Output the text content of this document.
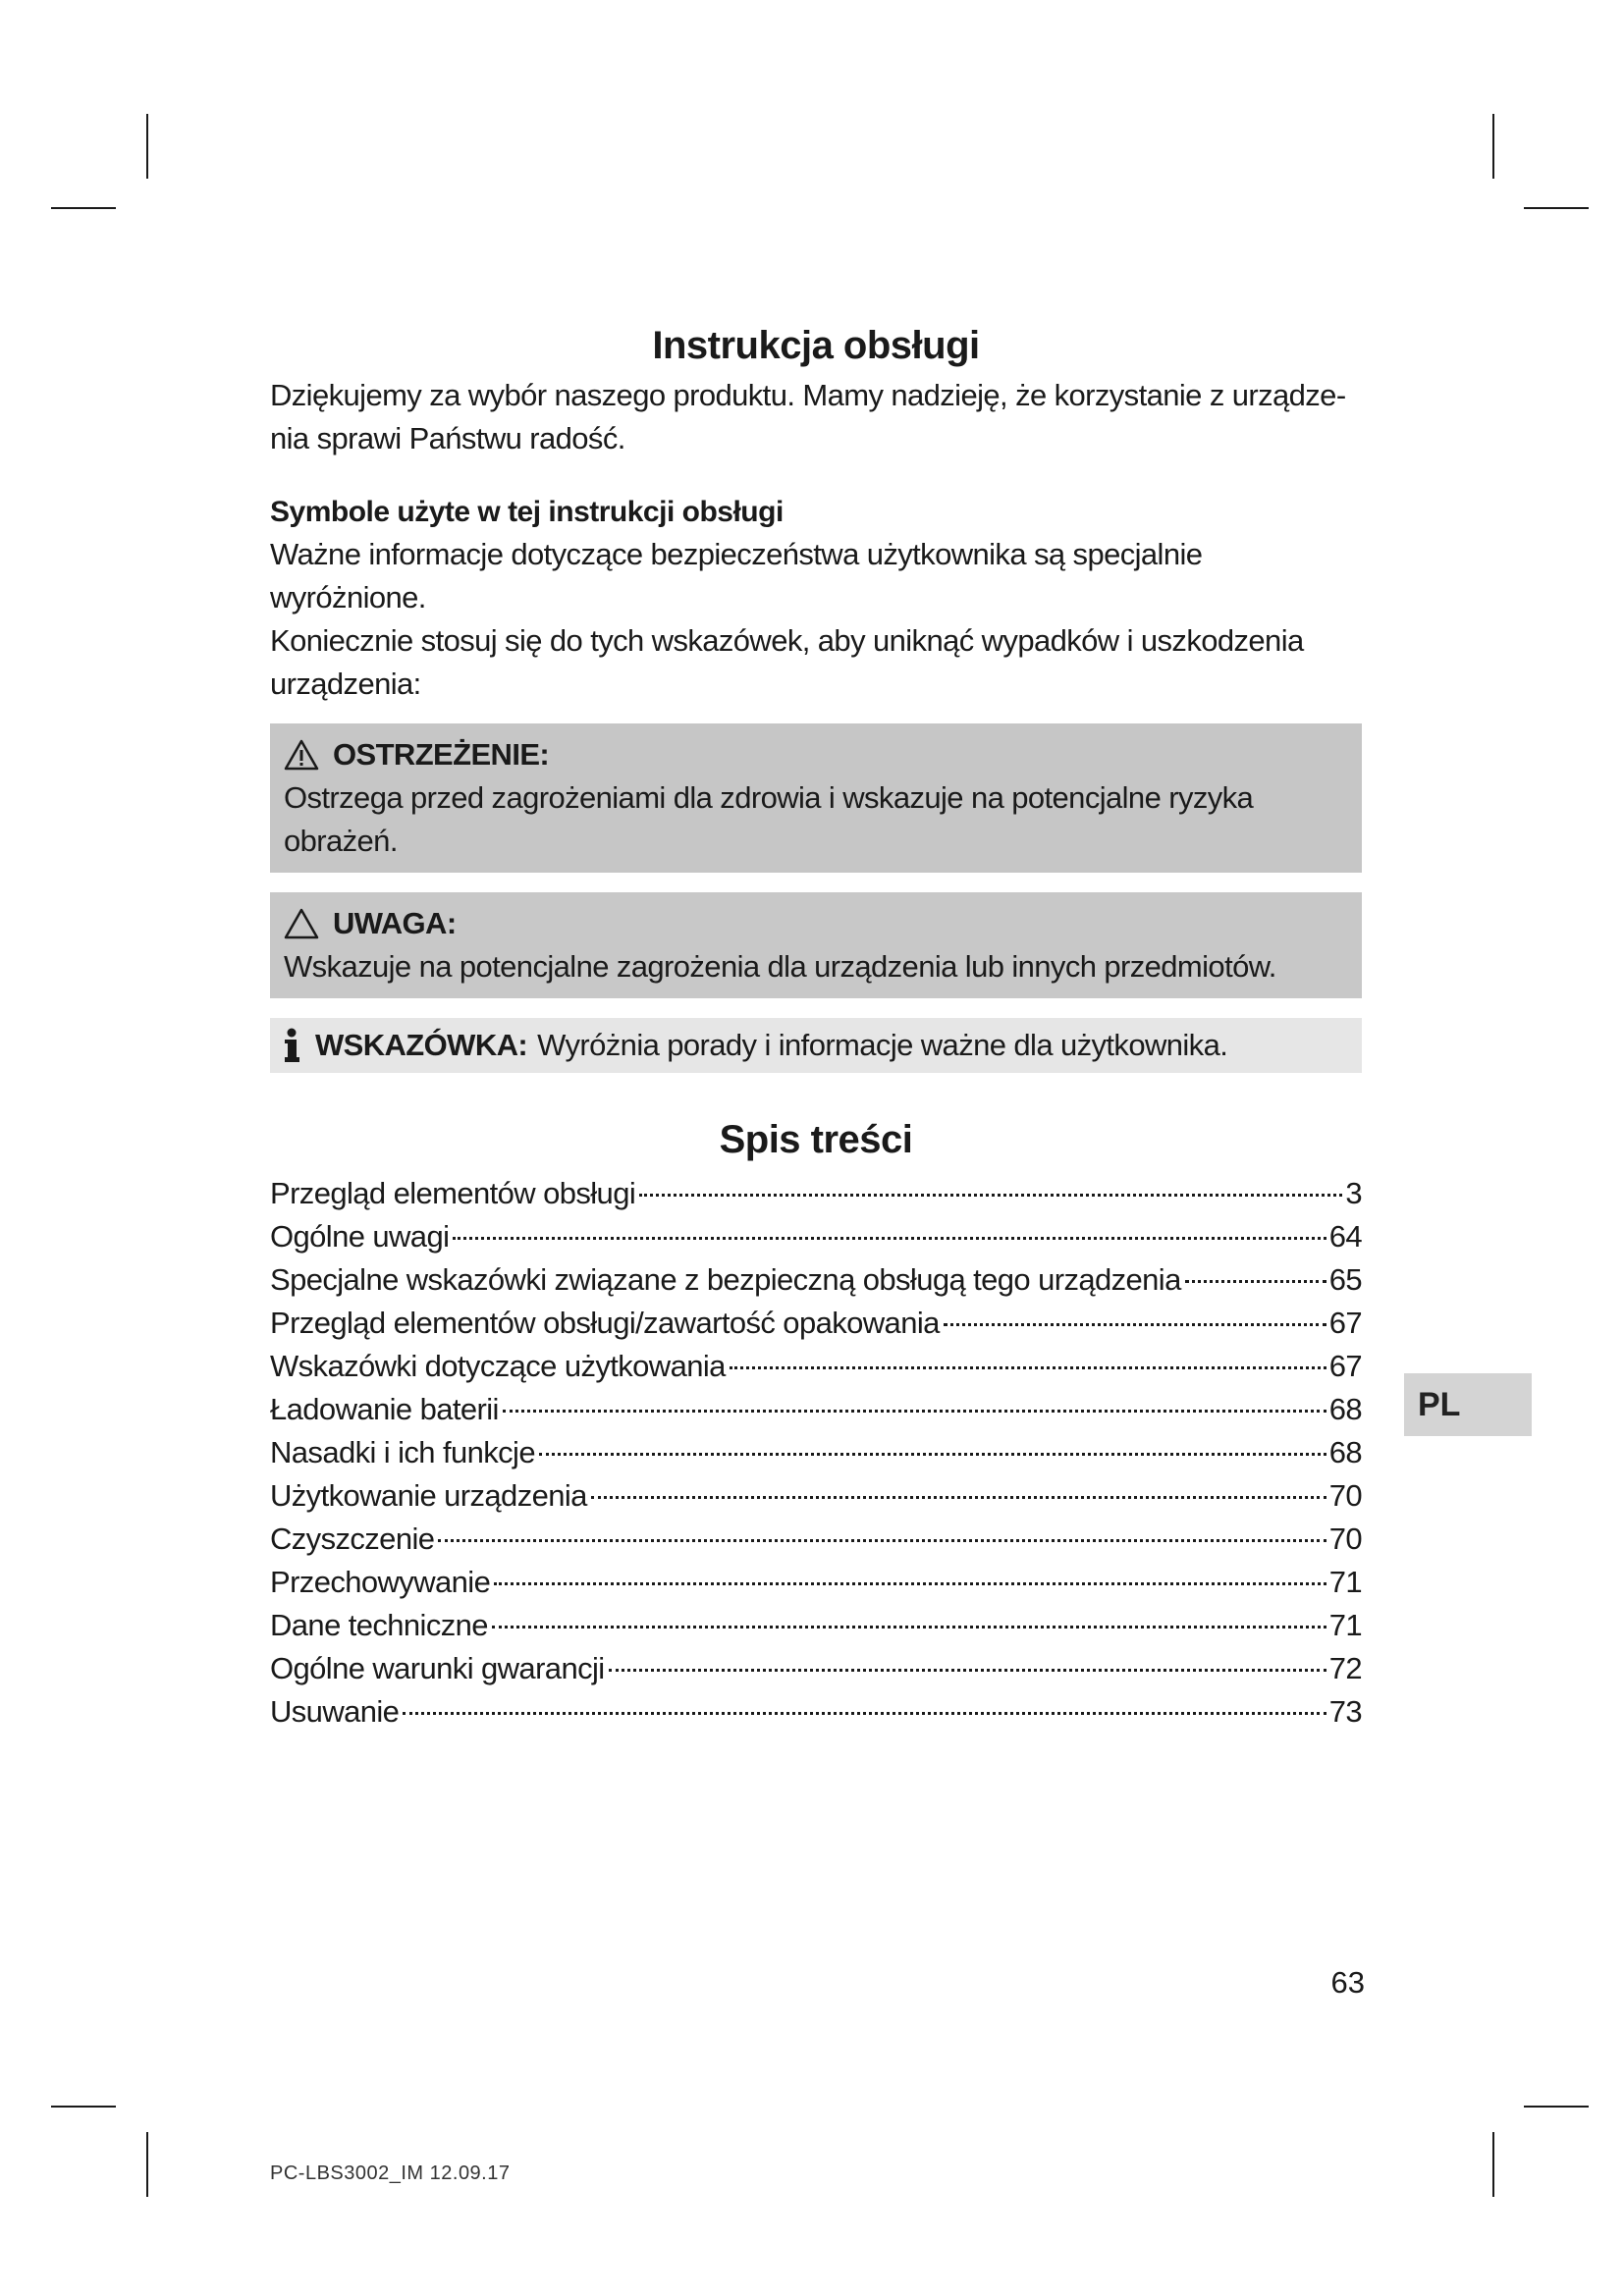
Instrukcja obsługi

Dziękujemy za wybór naszego produktu. Mamy nadzieję, że korzystanie z urządze-

nia sprawi Państwu radość.

Symbole użyte w tej instrukcji obsługi

Ważne informacje dotyczące bezpieczeństwa użytkownika są specjalnie wyróżnione.

Koniecznie stosuj się do tych wskazówek, aby uniknąć wypadków i uszkodzenia

urządzenia:

OSTRZEŻENIE:
Ostrzega przed zagrożeniami dla zdrowia i wskazuje na potencjalne ryzyka
obrażeń.
UWAGA:
Wskazuje na potencjalne zagrożenia dla urządzenia lub innych przedmiotów.
WSKAZÓWKA: Wyróżnia porady i informacje ważne dla użytkownika.
Spis treści
Przegląd elementów obsługi	3
Ogólne uwagi	64
Specjalne wskazówki związane z bezpieczną obsługą tego urządzenia	65
Przegląd elementów obsługi/zawartość opakowania	67
Wskazówki dotyczące użytkowania	67
Ładowanie baterii	68
Nasadki i ich funkcje	68
Użytkowanie urządzenia	70
Czyszczenie	70
Przechowywanie	71
Dane techniczne	71
Ogólne warunki gwarancji	72
Usuwanie	73
PL
63
PC-LBS3002_IM 12.09.17
